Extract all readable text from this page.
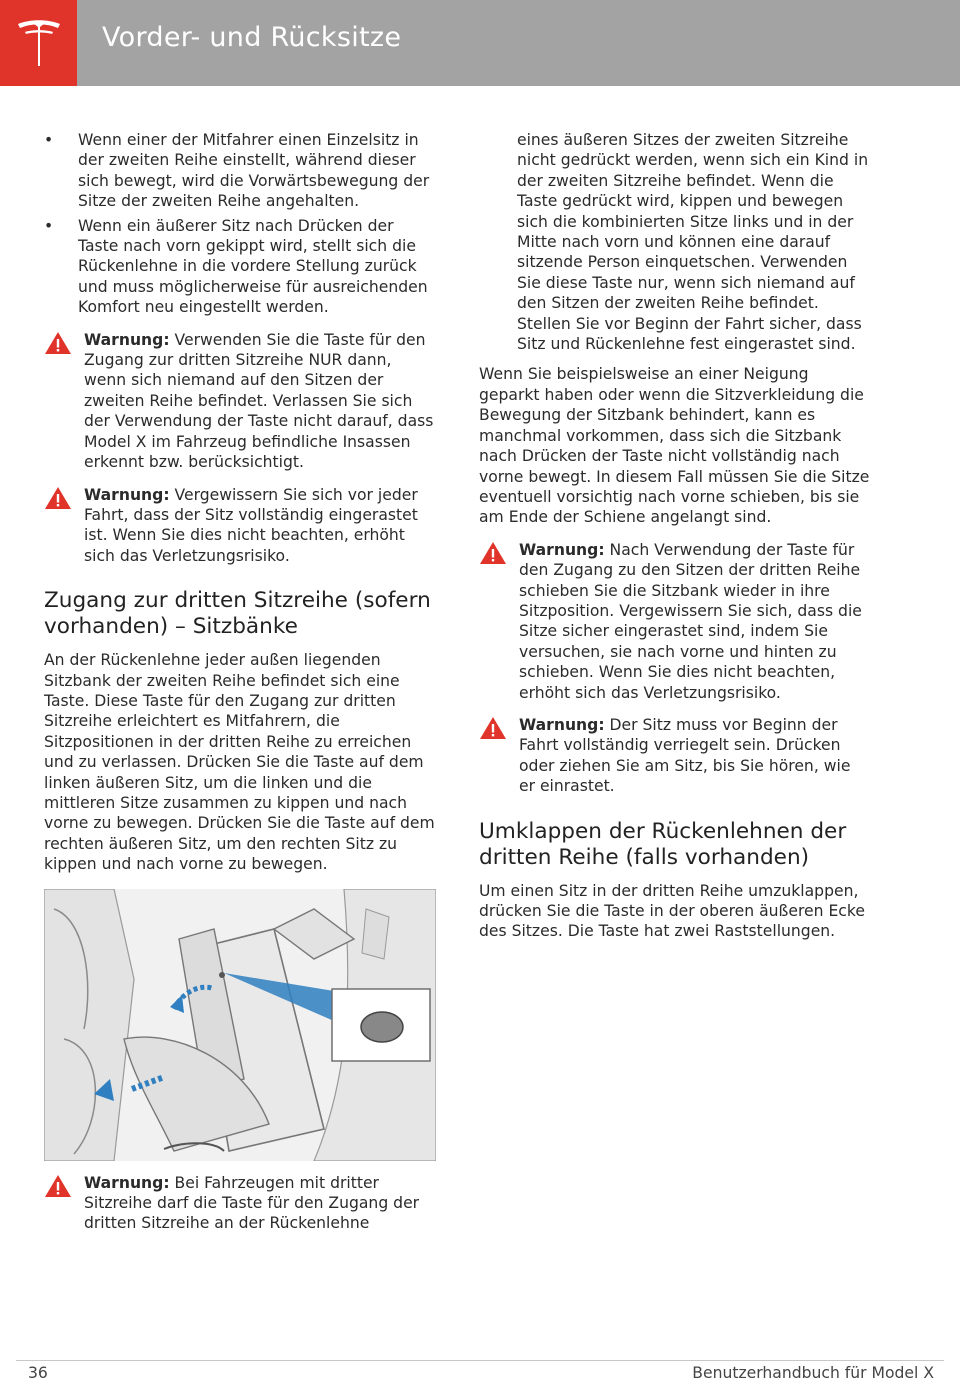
Vorder- und Rücksitze
• Wenn einer der Mitfahrer einen Einzelsitz in der zweiten Reihe einstellt, während dieser sich bewegt, wird die Vorwärtsbewegung der Sitze der zweiten Reihe angehalten.
• Wenn ein äußerer Sitz nach Drücken der Taste nach vorn gekippt wird, stellt sich die Rückenlehne in die vordere Stellung zurück und muss möglicherweise für ausreichenden Komfort neu eingestellt werden.
Warnung: Verwenden Sie die Taste für den Zugang zur dritten Sitzreihe NUR dann, wenn sich niemand auf den Sitzen der zweiten Reihe befindet. Verlassen Sie sich der Verwendung der Taste nicht darauf, dass Model X im Fahrzeug befindliche Insassen erkennt bzw. berücksichtigt.
Warnung: Vergewissern Sie sich vor jeder Fahrt, dass der Sitz vollständig eingerastet ist. Wenn Sie dies nicht beachten, erhöht sich das Verletzungsrisiko.
Zugang zur dritten Sitzreihe (sofern vorhanden) – Sitzbänke
An der Rückenlehne jeder außen liegenden Sitzbank der zweiten Reihe befindet sich eine Taste. Diese Taste für den Zugang zur dritten Sitzreihe erleichtert es Mitfahrern, die Sitzpositionen in der dritten Reihe zu erreichen und zu verlassen. Drücken Sie die Taste auf dem linken äußeren Sitz, um die linken und die mittleren Sitze zusammen zu kippen und nach vorne zu bewegen. Drücken Sie die Taste auf dem rechten äußeren Sitz, um den rechten Sitz zu kippen und nach vorne zu bewegen.
Warnung: Bei Fahrzeugen mit dritter Sitzreihe darf die Taste für den Zugang der dritten Sitzreihe an der Rückenlehne
eines äußeren Sitzes der zweiten Sitzreihe nicht gedrückt werden, wenn sich ein Kind in der zweiten Sitzreihe befindet. Wenn die Taste gedrückt wird, kippen und bewegen sich die kombinierten Sitze links und in der Mitte nach vorn und können eine darauf sitzende Person einquetschen. Verwenden Sie diese Taste nur, wenn sich niemand auf den Sitzen der zweiten Reihe befindet. Stellen Sie vor Beginn der Fahrt sicher, dass Sitz und Rückenlehne fest eingerastet sind.
Wenn Sie beispielsweise an einer Neigung geparkt haben oder wenn die Sitzverkleidung die Bewegung der Sitzbank behindert, kann es manchmal vorkommen, dass sich die Sitzbank nach Drücken der Taste nicht vollständig nach vorne bewegt. In diesem Fall müssen Sie die Sitze eventuell vorsichtig nach vorne schieben, bis sie am Ende der Schiene angelangt sind.
Warnung: Nach Verwendung der Taste für den Zugang zu den Sitzen der dritten Reihe schieben Sie die Sitzbank wieder in ihre Sitzposition. Vergewissern Sie sich, dass die Sitze sicher eingerastet sind, indem Sie versuchen, sie nach vorne und hinten zu schieben. Wenn Sie dies nicht beachten, erhöht sich das Verletzungsrisiko.
Warnung: Der Sitz muss vor Beginn der Fahrt vollständig verriegelt sein. Drücken oder ziehen Sie am Sitz, bis Sie hören, wie er einrastet.
Umklappen der Rückenlehnen der dritten Reihe (falls vorhanden)
Um einen Sitz in der dritten Reihe umzuklappen, drücken Sie die Taste in der oberen äußeren Ecke des Sitzes. Die Taste hat zwei Raststellungen.
36	Benutzerhandbuch für Model X
